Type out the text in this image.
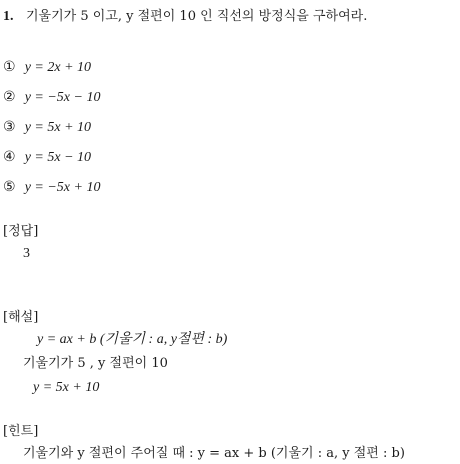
1. 기울기가 5 이고, y 절편이 10 인 직선의 방정식을 구하여라.
① y = 2x + 10
② y = −5x − 10
③ y = 5x + 10
④ y = 5x − 10
⑤ y = −5x + 10
[정답]
3
[해설]
y = ax + b (기울기 : a, y절편 : b)
기울기가 5 , y 절편이 10
y = 5x + 10
[힌트]
기울기와 y 절편이 주어질 때 : y = ax + b (기울기 : a, y 절편 : b)
